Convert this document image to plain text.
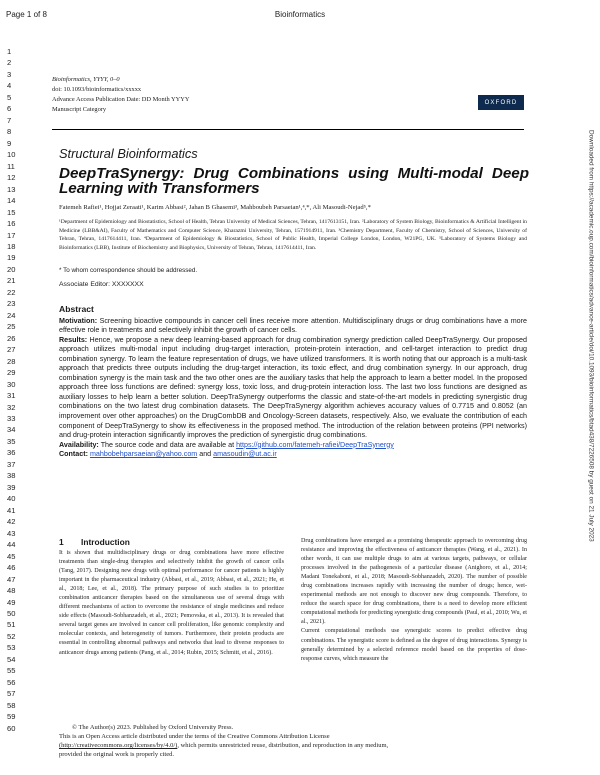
Page 1 of 8	Bioinformatics
1
2
3
4
5
6
7
8
9
10
11
12
13
14
15
16
17
18
19
20
21
22
23
24
25
26
27
28
29
30
31
32
33
34
35
36
37
38
39
40
41
42
43
44
45
46
47
48
49
50
51
52
53
54
55
56
57
58
59
60
Downloaded from https://academic.oup.com/bioinformatics/advance-article/doi/10.1093/bioinformatics/btad438/7226508 by guest on 21 July 2023
Bioinformatics, YYYY, 0–0
doi: 10.1093/bioinformatics/xxxxx
Advance Access Publication Date: DD Month YYYY
Manuscript Category
OXFORD
Structural Bioinformatics
DeepTraSynergy: Drug Combinations using Multi-modal Deep Learning with Transformers
Fatemeh Rafiei¹, Hojjat Zeraati¹, Karim Abbasi², Jahan B Ghasemi³, Mahboubeh Parsaeian¹,⁴,*, Ali Masoudi-Nejad⁵,*
¹Department of Epidemiology and Biostatistics, School of Health, Tehran University of Medical Sciences, Tehran, 1417613151, Iran. ²Laboratory of System Biology, Bioinformatics & Artificial Intelligent in Medicine (LBB&AI), Faculty of Mathematics and Computer Science, Kharazmi University, Tehran, 1571914911, Iran. ³Chemistry Department, Faculty of Chemistry, School of Sciences, University of Tehran, Tehran, 1417614411, Iran. ⁴Department of Epidemiology & Biostatistics, School of Public Health, Imperial College London, London, W21PG, UK. ⁵Laboratory of Systems Biology and Bioinformatics (LBB), Institute of Biochemistry and Biophysics, University of Tehran, Tehran, 1417614411, Iran.
* To whom correspondence should be addressed.
Associate Editor: XXXXXXX
Abstract
Motivation: Screening bioactive compounds in cancer cell lines receive more attention. Multidisciplinary drugs or drug combinations have a more effective role in treatments and selectively inhibit the growth of cancer cells.
Results: Hence, we propose a new deep learning-based approach for drug combination synergy prediction called DeepTraSynergy. Our proposed approach utilizes multi-modal input including drug-target interaction, protein-protein interaction, and cell-target interaction to predict drug combination synergy. To learn the feature representation of drugs, we have utilized transformers. It is worth noting that our approach is a multi-task approach that predicts three outputs including the drug-target interaction, its toxic effect, and drug combination synergy. In our approach, drug combination synergy is the main task and the two other ones are the auxiliary tasks that help the approach to learn a better model. In the proposed approach three loss functions are defined: synergy loss, toxic loss, and drug-protein interaction loss. The last two loss functions are designed as auxiliary losses to help learn a better solution. DeepTraSynergy outperforms the classic and state-of-the-art models in predicting synergistic drug combinations on the two latest drug combination datasets. The DeepTraSynergy algorithm achieves accuracy values of 0.7715 and 0.8052 (an improvement over other approaches) on the DrugCombDB and Oncology-Screen datasets, respectively. Also, we evaluate the contribution of each component of DeepTraSynergy to show its effectiveness in the proposed method. The introduction of the relation between proteins (PPI networks) and drug-protein interaction significantly improves the prediction of synergistic drug combinations.
Availability: The source code and data are available at https://github.com/fatemeh-rafiei/DeepTraSynergy
Contact: mahbobehparsaeian@yahoo.com and amasoudin@ut.ac.ir
1 Introduction
It is shown that multidisciplinary drugs or drug combinations have more effective treatments than single-drug therapies and selectively inhibit the growth of cancer cells (Tang, 2017). Designing new drugs with optimal performance for cancer patients is highly important in the pharmaceutical industry (Abbasi, et al., 2019; Abbasi, et al., 2021; He, et al., 2018; Lee, et al., 2018). The primary purpose of such studies is to prioritize combination anticancer therapies based on the simultaneous use of several drugs with different mechanisms of action to overcome the resistance of single medicines and reduce side effects (Masoudi-Sobhanzadeh, et al., 2021; Pemovska, et al., 2013). It is revealed that several target genes are involved in cancer cell proliferation, like genomic complexity and molecular contexts, and heterogeneity of tumors. Furthermore, their protein products are essential in controlling abnormal pathways and networks that lead to diverse responses to anticancer drugs among patients (Pang, et al., 2014; Rubin, 2015; Schmitt, et al., 2016).

Drug combinations have emerged as a promising therapeutic approach to overcoming drug resistance and improving the effectiveness of anticancer therapies (Wang, et al., 2021). In other words, it can use multiple drugs to aim at various targets, pathways, or cellular processes involved in the pathogenesis of a particular disease (Anighoro, et al., 2014; Madani Tonekaboni, et al., 2018; Masoudi-Sobhanzadeh, 2020). The number of possible drug combinations increases rapidly with increasing the number of drugs; hence, wet-experimental methods are not enough to discover new drug compounds. Therefore, to reduce the search space for drug combinations, there is a need to develop more efficient computational methods for predicting synergistic drug compounds (Paul, et al., 2010; Wu, et al., 2021).

Current computational methods use synergistic scores to predict effective drug combinations. The synergistic score is defined as the degree of drug interactions. Synergy is generally determined by a selected reference model based on the properties of dose-response curves, which measure the

© The Author(s) 2023. Published by Oxford University Press.
This is an Open Access article distributed under the terms of the Creative Commons Attribution License
(http://creativecommons.org/licenses/by/4.0/), which permits unrestricted reuse, distribution, and reproduction in any medium,
provided the original work is properly cited.
